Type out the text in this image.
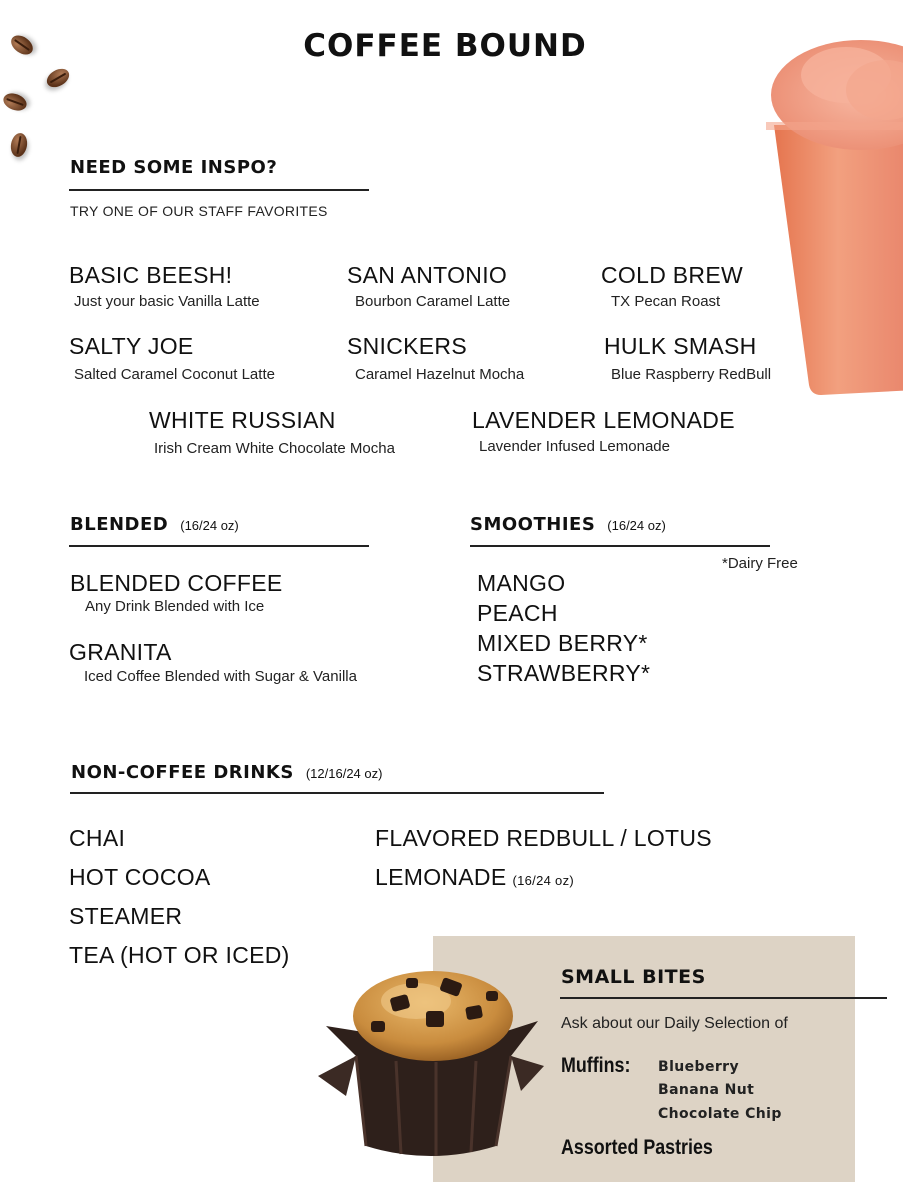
COFFEE BOUND
NEED SOME INSPO?
TRY ONE OF OUR STAFF FAVORITES
BASIC BEESH!
Just your basic Vanilla Latte
SAN ANTONIO
Bourbon Caramel Latte
COLD BREW
TX Pecan Roast
SALTY JOE
Salted Caramel Coconut Latte
SNICKERS
Caramel Hazelnut Mocha
HULK SMASH
Blue Raspberry RedBull
WHITE RUSSIAN
Irish Cream White Chocolate Mocha
LAVENDER LEMONADE
Lavender Infused Lemonade
BLENDED (16/24 oz)
BLENDED COFFEE
Any Drink Blended with Ice
GRANITA
Iced Coffee Blended with Sugar & Vanilla
SMOOTHIES (16/24 oz)
*Dairy Free
MANGO
PEACH
MIXED BERRY*
STRAWBERRY*
NON-COFFEE DRINKS (12/16/24 oz)
CHAI
HOT COCOA
STEAMER
TEA (HOT OR ICED)
FLAVORED REDBULL / LOTUS
LEMONADE (16/24 oz)
SMALL BITES
Ask about our Daily Selection of
Muffins: Blueberry
Banana Nut
Chocolate Chip
Assorted Pastries
